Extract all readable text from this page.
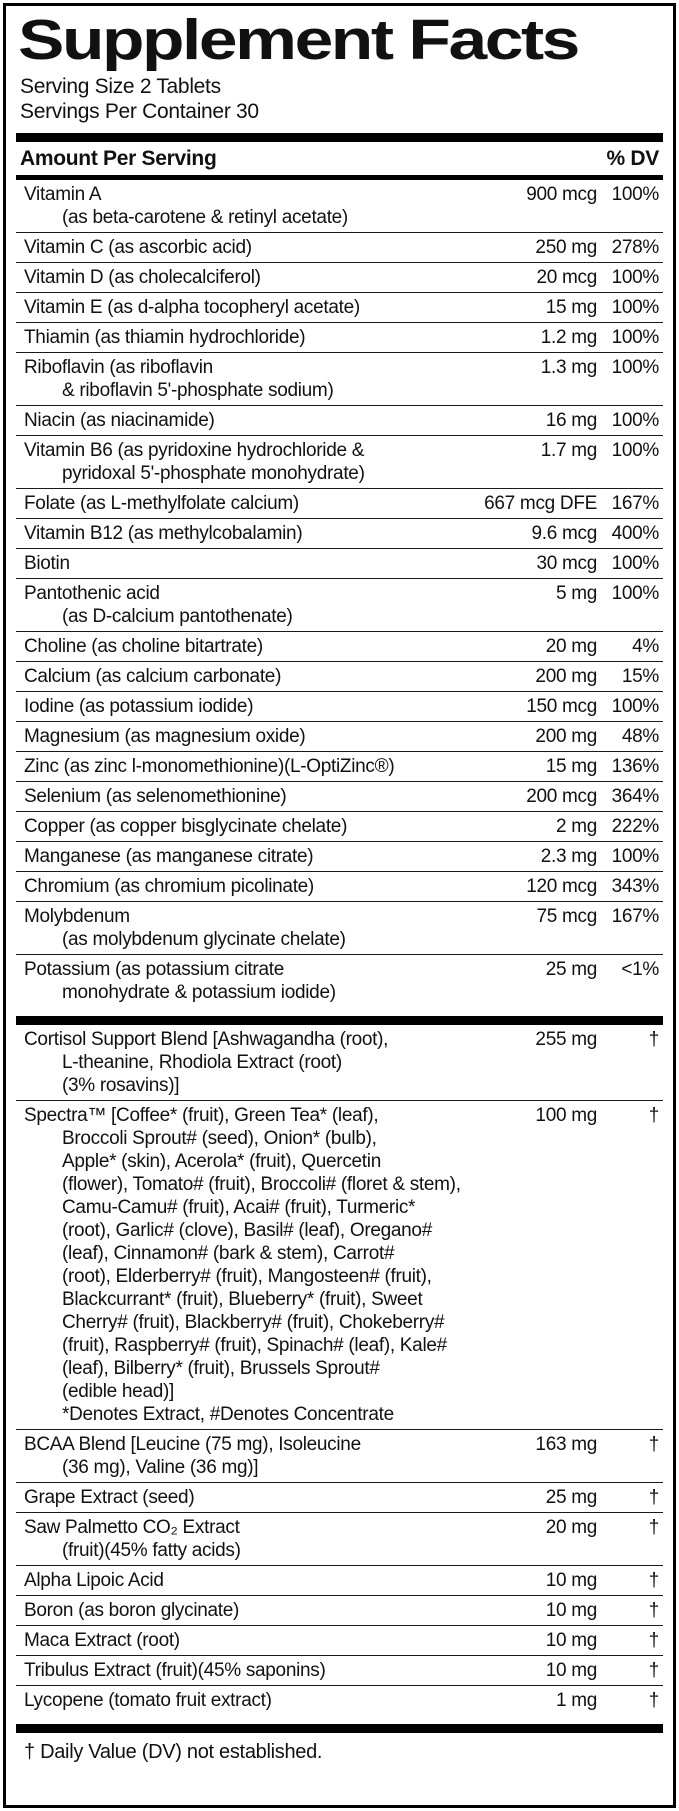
Supplement Facts
Serving Size 2 Tablets
Servings Per Container 30
Amount Per Serving	% DV
Vitamin A	900 mcg 100%
(as beta-carotene & retinyl acetate)
Vitamin C (as ascorbic acid)	250 mg 278%
Vitamin D (as cholecalciferol)	20 mcg 100%
Vitamin E (as d-alpha tocopheryl acetate)	15 mg 100%
Thiamin (as thiamin hydrochloride)	1.2 mg 100%
Riboflavin (as riboflavin	1.3 mg 100%
& riboflavin 5'-phosphate sodium)
Niacin (as niacinamide)	16 mg 100%
Vitamin B6 (as pyridoxine hydrochloride &	1.7 mg 100%
pyridoxal 5'-phosphate monohydrate)
Folate (as L-methylfolate calcium)	667 mcg DFE 167%
Vitamin B12 (as methylcobalamin)	9.6 mcg 400%
Biotin	30 mcg 100%
Pantothenic acid	5 mg 100%
(as D-calcium pantothenate)
Choline (as choline bitartrate)	20 mg	4%
Calcium (as calcium carbonate)	200 mg	15%
Iodine (as potassium iodide)	150 mcg 100%
Magnesium (as magnesium oxide)	200 mg	48%
Zinc (as zinc l-monomethionine)(L-OptiZinc®)	15 mg 136%
Selenium (as selenomethionine)	200 mcg 364%
Copper (as copper bisglycinate chelate)	2 mg 222%
Manganese (as manganese citrate)	2.3 mg 100%
Chromium (as chromium picolinate)	120 mcg 343%
Molybdenum	75 mcg 167%
(as molybdenum glycinate chelate)
Potassium (as potassium citrate	25 mg	<1%
monohydrate & potassium iodide)
Cortisol Support Blend [Ashwagandha (root),	255 mg	†
L-theanine, Rhodiola Extract (root)
(3% rosavins)]
Spectra™ [Coffee* (fruit), Green Tea* (leaf),	100 mg	†
Broccoli Sprout# (seed), Onion* (bulb),
Apple* (skin), Acerola* (fruit), Quercetin
(flower), Tomato# (fruit), Broccoli# (floret & stem),
Camu-Camu# (fruit), Acai# (fruit), Turmeric*
(root), Garlic# (clove), Basil# (leaf), Oregano#
(leaf), Cinnamon# (bark & stem), Carrot#
(root), Elderberry# (fruit), Mangosteen# (fruit),
Blackcurrant* (fruit), Blueberry* (fruit), Sweet
Cherry# (fruit), Blackberry# (fruit), Chokeberry#
(fruit), Raspberry# (fruit), Spinach# (leaf), Kale#
(leaf), Bilberry* (fruit), Brussels Sprout#
(edible head)]
*Denotes Extract, #Denotes Concentrate
BCAA Blend [Leucine (75 mg), Isoleucine	163 mg	†
(36 mg), Valine (36 mg)]
Grape Extract (seed)	25 mg	†
Saw Palmetto CO₂ Extract	20 mg	†
(fruit)(45% fatty acids)
Alpha Lipoic Acid	10 mg	†
Boron (as boron glycinate)	10 mg	†
Maca Extract (root)	10 mg	†
Tribulus Extract (fruit)(45% saponins)	10 mg	†
Lycopene (tomato fruit extract)	1 mg	†
† Daily Value (DV) not established.
